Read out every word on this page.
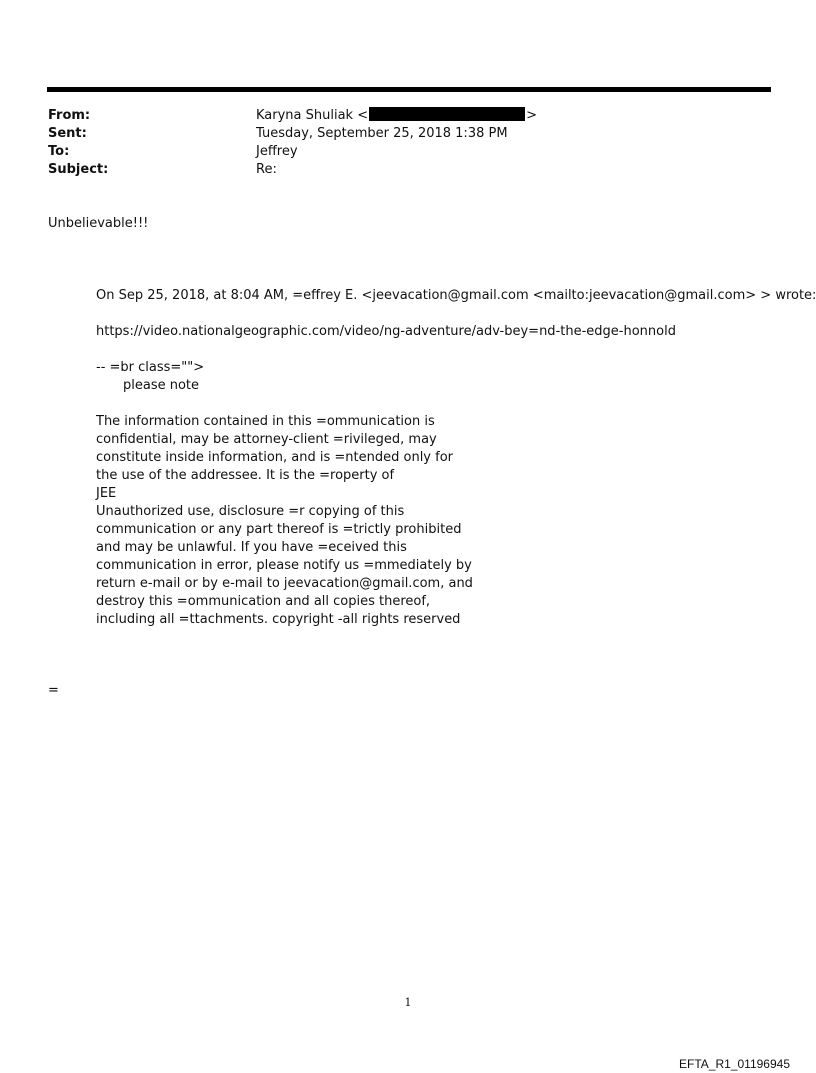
From:	Karyna Shuliak <	>
Sent:	Tuesday, September 25, 2018 1:38 PM
To:	Jeffrey
Subject:	Re:
Unbelievable!!!
On Sep 25, 2018, at 8:04 AM, =effrey E. <jeevacation@gmail.com <mailto:jeevacation@gmail.com> > wrote:
https://video.nationalgeographic.com/video/ng-adventure/adv-bey=nd-the-edge-honnold
-- =br class="">
please note
The information contained in this =ommunication is
confidential, may be attorney-client =rivileged, may
constitute inside information, and is =ntended only for
the use of the addressee. It is the =roperty of
JEE
Unauthorized use, disclosure =r copying of this
communication or any part thereof is =trictly prohibited
and may be unlawful. If you have =eceived this
communication in error, please notify us =mmediately by
return e-mail or by e-mail to jeevacation@gmail.com, and
destroy this =ommunication and all copies thereof,
including all =ttachments. copyright -all rights reserved
=
1
EFTA_R1_01196945
